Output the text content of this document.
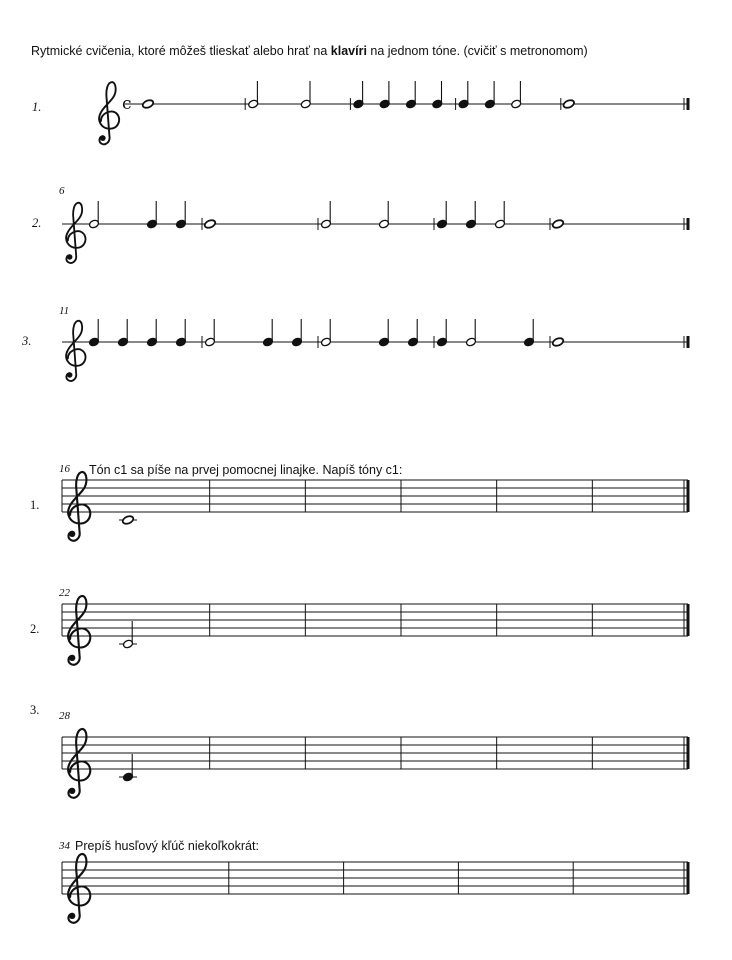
Rytmické cvičenia, ktoré môžeš tlieskať alebo hrať na klavíri na jednom tóne. (cvičiť s metronomom)
1.
2.
3.
6
11
16 Tón c1 sa píše na prvej pomocnej linajke. Napíš tóny c1:
1.
22
2.
3. 28
34 Prepíš husľový kľúč niekoľkokrát:
c
